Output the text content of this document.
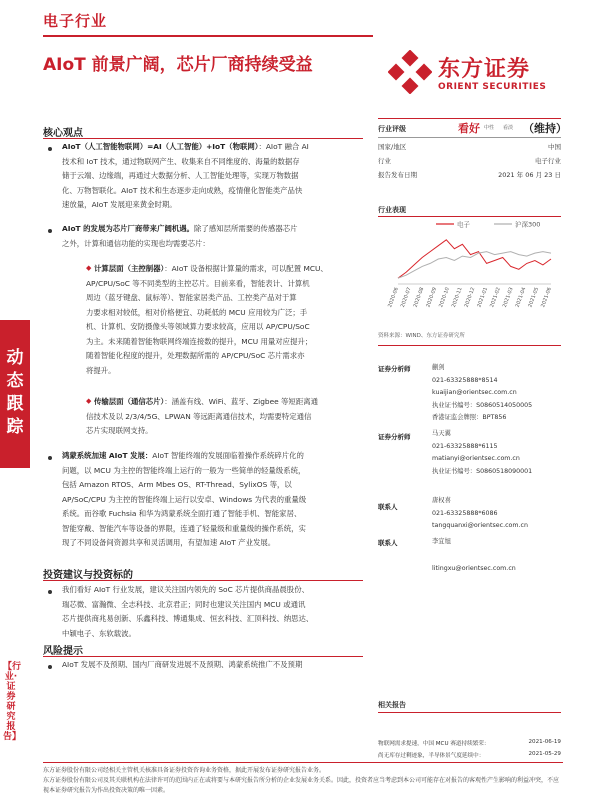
电子行业
AIoT 前景广阔，芯片厂商持续受益	东方证券
ORIENT SECURITIES
动态跟踪
【行业·证券研究报告】
核心观点
AIoT（人工智能物联网）=AI（人工智能）+IoT（物联网）：AIoT 融合 AI
技术和 IoT 技术，通过物联网产生、收集来自不同维度的、海量的数据存
储于云端、边缘端，再通过大数据分析、人工智能处理等，实现万物数据
化、万物智联化。AIoT 技术和生态逐步走向成熟，疫情催化智能类产品快
速放量，AIoT 发展迎来黄金时期。
AIoT 的发展为芯片厂商带来广阔机遇。除了感知层所需要的传感器芯片
之外，计算和通信功能的实现也均需要芯片：
◆ 计算层面（主控制器）：AIoT 设备根据计算量的需求，可以配置 MCU、
AP/CPU/SoC 等不同类型的主控芯片。目前来看，智能表计、计算机
周边（蓝牙键盘、鼠标等）、智能家居类产品、工控类产品对于算
力要求相对较低，相对价格便宜、功耗低的 MCU 应用较为广泛；手
机、计算机、安防摄像头等领域算力要求较高，应用以 AP/CPU/SoC
为主。未来随着智能物联网终端连接数的提升，MCU 用量对应提升；
随着智能化程度的提升，处理数据所需的 AP/CPU/SoC 芯片需求亦
将提升。
◆ 传输层面（通信芯片）：涵盖有线、WiFi、蓝牙、Zigbee 等短距离通
信技术及以 2/3/4/5G、LPWAN 等远距离通信技术，均需要特定通信
芯片实现联网支持。
鸿蒙系统加速 AIoT 发展：AIoT 智能终端的发展面临着操作系统碎片化的
问题，以 MCU 为主控的智能终端上运行的一般为一些简单的轻量级系统，
包括 Amazon RTOS、Arm Mbes OS、RT-Thread、SylixOS 等，以
AP/SoC/CPU 为主控的智能终端上运行以安卓、Windows 为代表的重量级
系统。而谷歌 Fuchsia 和华为鸿蒙系统全面打通了智能手机、智能家居、
智能穿戴、智能汽车等设备的界限，连通了轻量级和重量级的操作系统，实
现了不同设备间资源共享和灵活调用，有望加速 AIoT 产业发展。
投资建议与投资标的
我们看好 AIoT 行业发展，建议关注国内领先的 SoC 芯片提供商晶晨股份、
瑞芯微、富瀚微、全志科技、北京君正；同时也建议关注国内 MCU 或通讯
芯片提供商兆易创新、乐鑫科技、博通集成、恒玄科技、汇顶科技、纳思达、
中颖电子、东软载波。
风险提示
AIoT 发展不及预期、国内厂商研发进展不及预期、鸿蒙系统推广不及预期
行业评级	看好 中性 看淡 （维持）
国家/地区	中国
行业	电子行业
报告发布日期	2021 年 06 月 23 日
行业表现
电子	沪深300
2020-06 2020-07 2020-08 2020-09 2020-10 2020-11 2020-12 2021-01 2021-02 2021-03 2021-04 2021-05 2021-06
资料来源：WIND、东方证券研究所
证券分析师	蒯剑
021-63325888*8514
kuaijian@orientsec.com.cn
执业证书编号：S0860514050005
香港证监会牌照：BPT856
证券分析师	马天翼
021-63325888*6115
matianyi@orientsec.com.cn
执业证书编号：S0860518090001
联系人
唐权喜
021-63325888*6086
tangquanxi@orientsec.com.cn
联系人	李宜旭
litingxu@orientsec.com.cn
相关报告
物联网需求提速，中国 MCU 赛道持续繁荣：	2021-06-19
尚无库存过剩迹象，半导体景气度延续中：	2021-05-29
东方证券股份有限公司经相关主管机关核准具备证券投资咨询业务资格，据此开展发布证券研究报告业务。
东方证券股份有限公司及其关联机构在法律许可的范围内正在或将要与本研究报告所分析的企业发展业务关系。因此，投资者应当考虑到本公司可能存在对报告的客观性产生影响的利益冲突，不应视本证券研究报告为作出投资决策的唯一因素。
